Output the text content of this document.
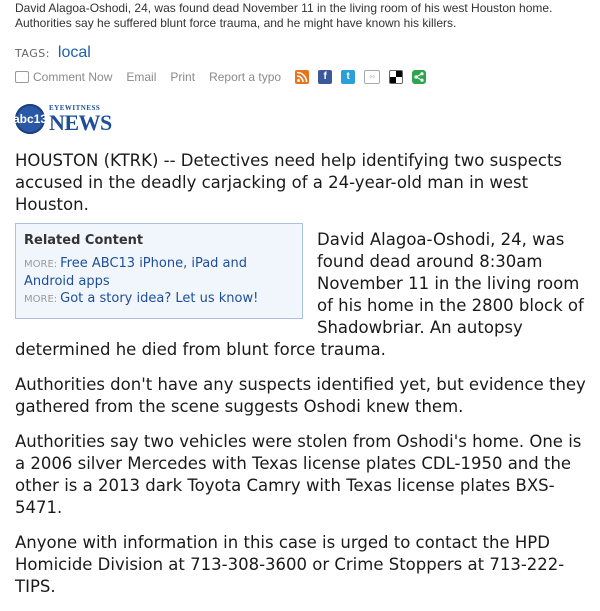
David Alagoa-Oshodi, 24, was found dead November 11 in the living room of his west Houston home. Authorities say he suffered blunt force trauma, and he might have known his killers.
TAGS: local
Comment Now Email Print Report a typo	f	t	◦◦
abc13
EYEWITNESS
NEWS

HOUSTON (KTRK) -- Detectives need help identifying two suspects accused in the deadly carjacking of a 24-year-old man in west Houston.

Related Content
MORE: Free ABC13 iPhone, iPad and Android apps
MORE: Got a story idea? Let us know!

David Alagoa-Oshodi, 24, was found dead around 8:30am November 11 in the living room of his home in the 2800 block of Shadowbriar. An autopsy determined he died from blunt force trauma.

Authorities don't have any suspects identified yet, but evidence they gathered from the scene suggests Oshodi knew them.

Authorities say two vehicles were stolen from Oshodi's home. One is a 2006 silver Mercedes with Texas license plates CDL-1950 and the other is a 2013 dark Toyota Camry with Texas license plates BXS-5471.

Anyone with information in this case is urged to contact the HPD Homicide Division at 713-308-3600 or Crime Stoppers at 713-222-TIPS.
